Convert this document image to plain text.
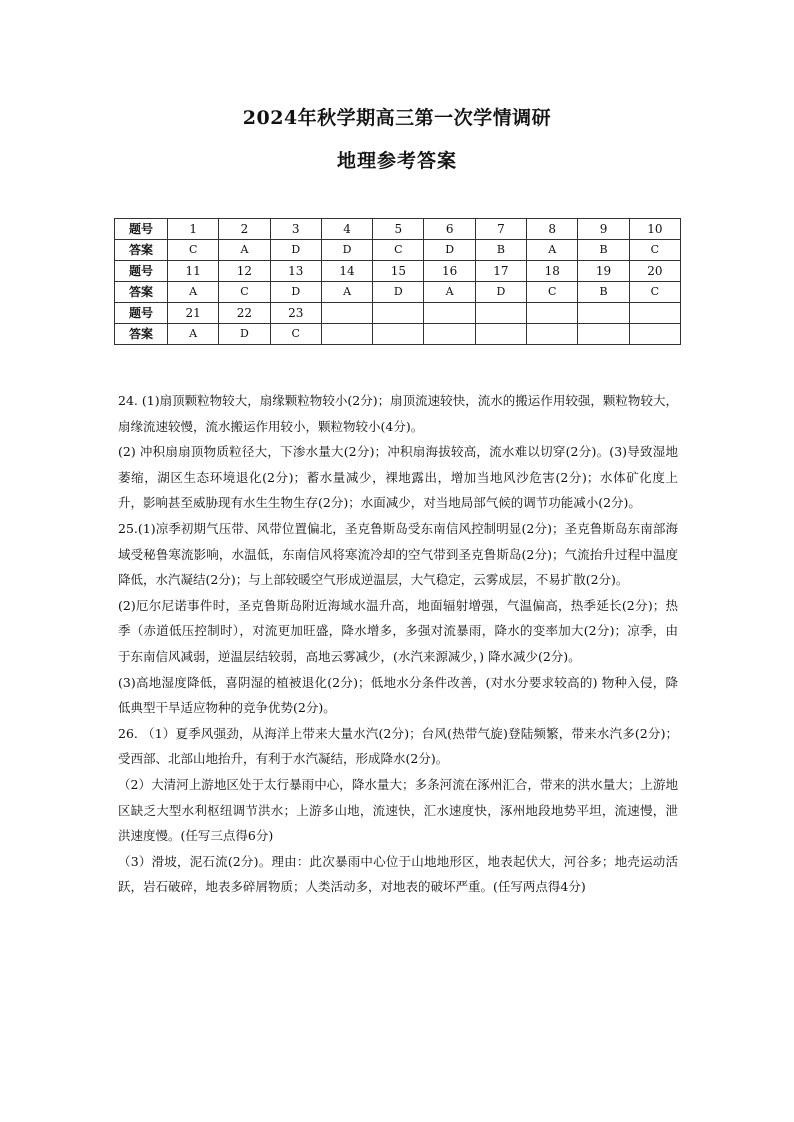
2024年秋学期高三第一次学情调研
地理参考答案
题号	1	2	3	4	5	6	7	8	9	10
答案	C	A	D	D	C	D	B	A	B	C
题号	11	12	13	14	15	16	17	18	19	20
答案	A	C	D	A	D	A	D	C	B	C
题号	21	22	23							
答案	A	D	C							

24. (1)扇顶颗粒物较大，扇缘颗粒物较小(2分)；扇顶流速较快，流水的搬运作用较强，颗粒物较大，扇缘流速较慢，流水搬运作用较小，颗粒物较小(4分)。

(2) 冲积扇扇顶物质粒径大，下渗水量大(2分)；冲积扇海拔较高，流水难以切穿(2分)。(3)导致湿地萎缩，湖区生态环境退化(2分)；蓄水量减少，裸地露出，增加当地风沙危害(2分)；水体矿化度上升，影响甚至威胁现有水生生物生存(2分)；水面减少，对当地局部气候的调节功能减小(2分)。

25.(1)凉季初期气压带、风带位置偏北，圣克鲁斯岛受东南信风控制明显(2分)；圣克鲁斯岛东南部海域受秘鲁寒流影响，水温低，东南信风将寒流冷却的空气带到圣克鲁斯岛(2分)；气流抬升过程中温度降低，水汽凝结(2分)；与上部较暖空气形成逆温层，大气稳定，云雾成层，不易扩散(2分)。

(2)厄尔尼诺事件时，圣克鲁斯岛附近海域水温升高，地面辐射增强，气温偏高，热季延长(2分)；热季（赤道低压控制时），对流更加旺盛，降水增多，多强对流暴雨，降水的变率加大(2分)；凉季，由于东南信风减弱，逆温层结较弱，高地云雾减少，(水汽来源减少，) 降水减少(2分)。

(3)高地湿度降低，喜阴湿的植被退化(2分)；低地水分条件改善，(对水分要求较高的) 物种入侵，降低典型干旱适应物种的竞争优势(2分)。

26. （1）夏季风强劲，从海洋上带来大量水汽(2分)；台风(热带气旋)登陆频繁，带来水汽多(2分)；受西部、北部山地抬升，有利于水汽凝结，形成降水(2分)。

（2）大清河上游地区处于太行暴雨中心，降水量大；多条河流在涿州汇合，带来的洪水量大；上游地区缺乏大型水利枢纽调节洪水；上游多山地，流速快，汇水速度快，涿州地段地势平坦，流速慢，泄洪速度慢。(任写三点得6分)

（3）滑坡，泥石流(2分)。理由：此次暴雨中心位于山地地形区，地表起伏大，河谷多；地壳运动活跃，岩石破碎，地表多碎屑物质；人类活动多，对地表的破坏严重。(任写两点得4分)
